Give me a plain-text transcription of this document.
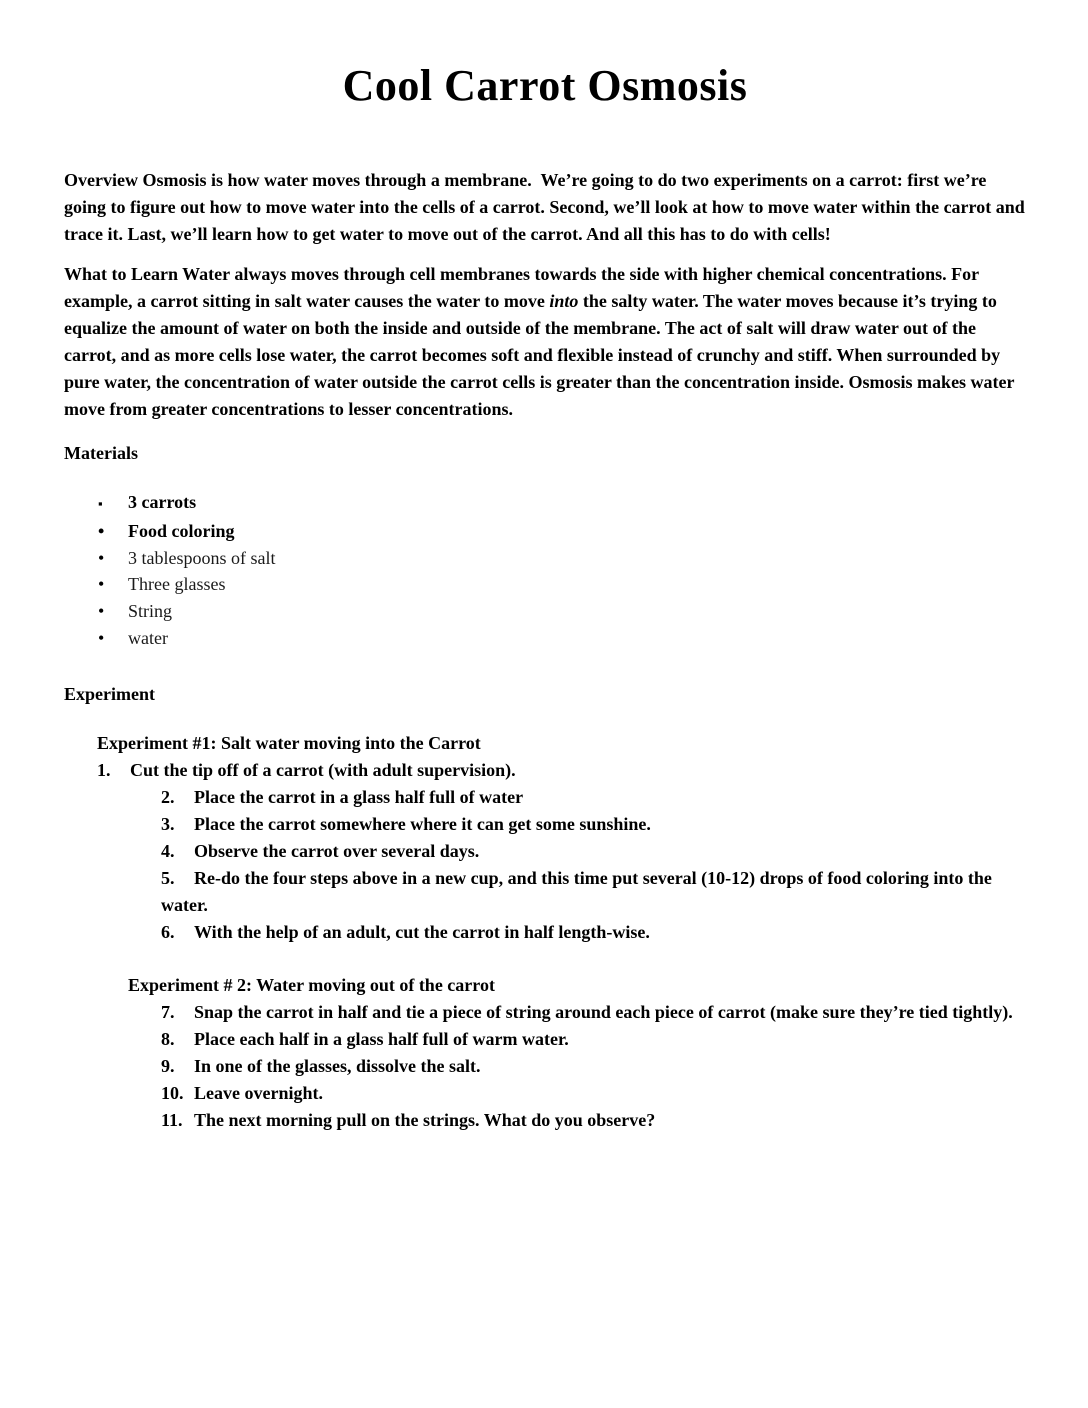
Cool Carrot Osmosis

Overview Osmosis is how water moves through a membrane.  We’re going to do two experiments on a carrot: first we’re going to figure out how to move water into the cells of a carrot. Second, we’ll look at how to move water within the carrot and trace it. Last, we’ll learn how to get water to move out of the carrot. And all this has to do with cells!

What to Learn Water always moves through cell membranes towards the side with higher chemical concentrations. For example, a carrot sitting in salt water causes the water to move into the salty water. The water moves because it’s trying to equalize the amount of water on both the inside and outside of the membrane. The act of salt will draw water out of the carrot, and as more cells lose water, the carrot becomes soft and flexible instead of crunchy and stiff. When surrounded by pure water, the concentration of water outside the carrot cells is greater than the concentration inside. Osmosis makes water move from greater concentrations to lesser concentrations.

Materials
▪ 3 carrots
• Food coloring
• 3 tablespoons of salt
• Three glasses
• String
• water
Experiment
Experiment #1: Salt water moving into the Carrot
1. Cut the tip off of a carrot (with adult supervision).
2. Place the carrot in a glass half full of water
3. Place the carrot somewhere where it can get some sunshine.
4. Observe the carrot over several days.
5. Re-do the four steps above in a new cup, and this time put several (10-12) drops of food coloring into the water.
6. With the help of an adult, cut the carrot in half length-wise.
Experiment # 2: Water moving out of the carrot
7. Snap the carrot in half and tie a piece of string around each piece of carrot (make sure they’re tied tightly).
8. Place each half in a glass half full of warm water.
9. In one of the glasses, dissolve the salt.
10. Leave overnight.
11. The next morning pull on the strings. What do you observe?
